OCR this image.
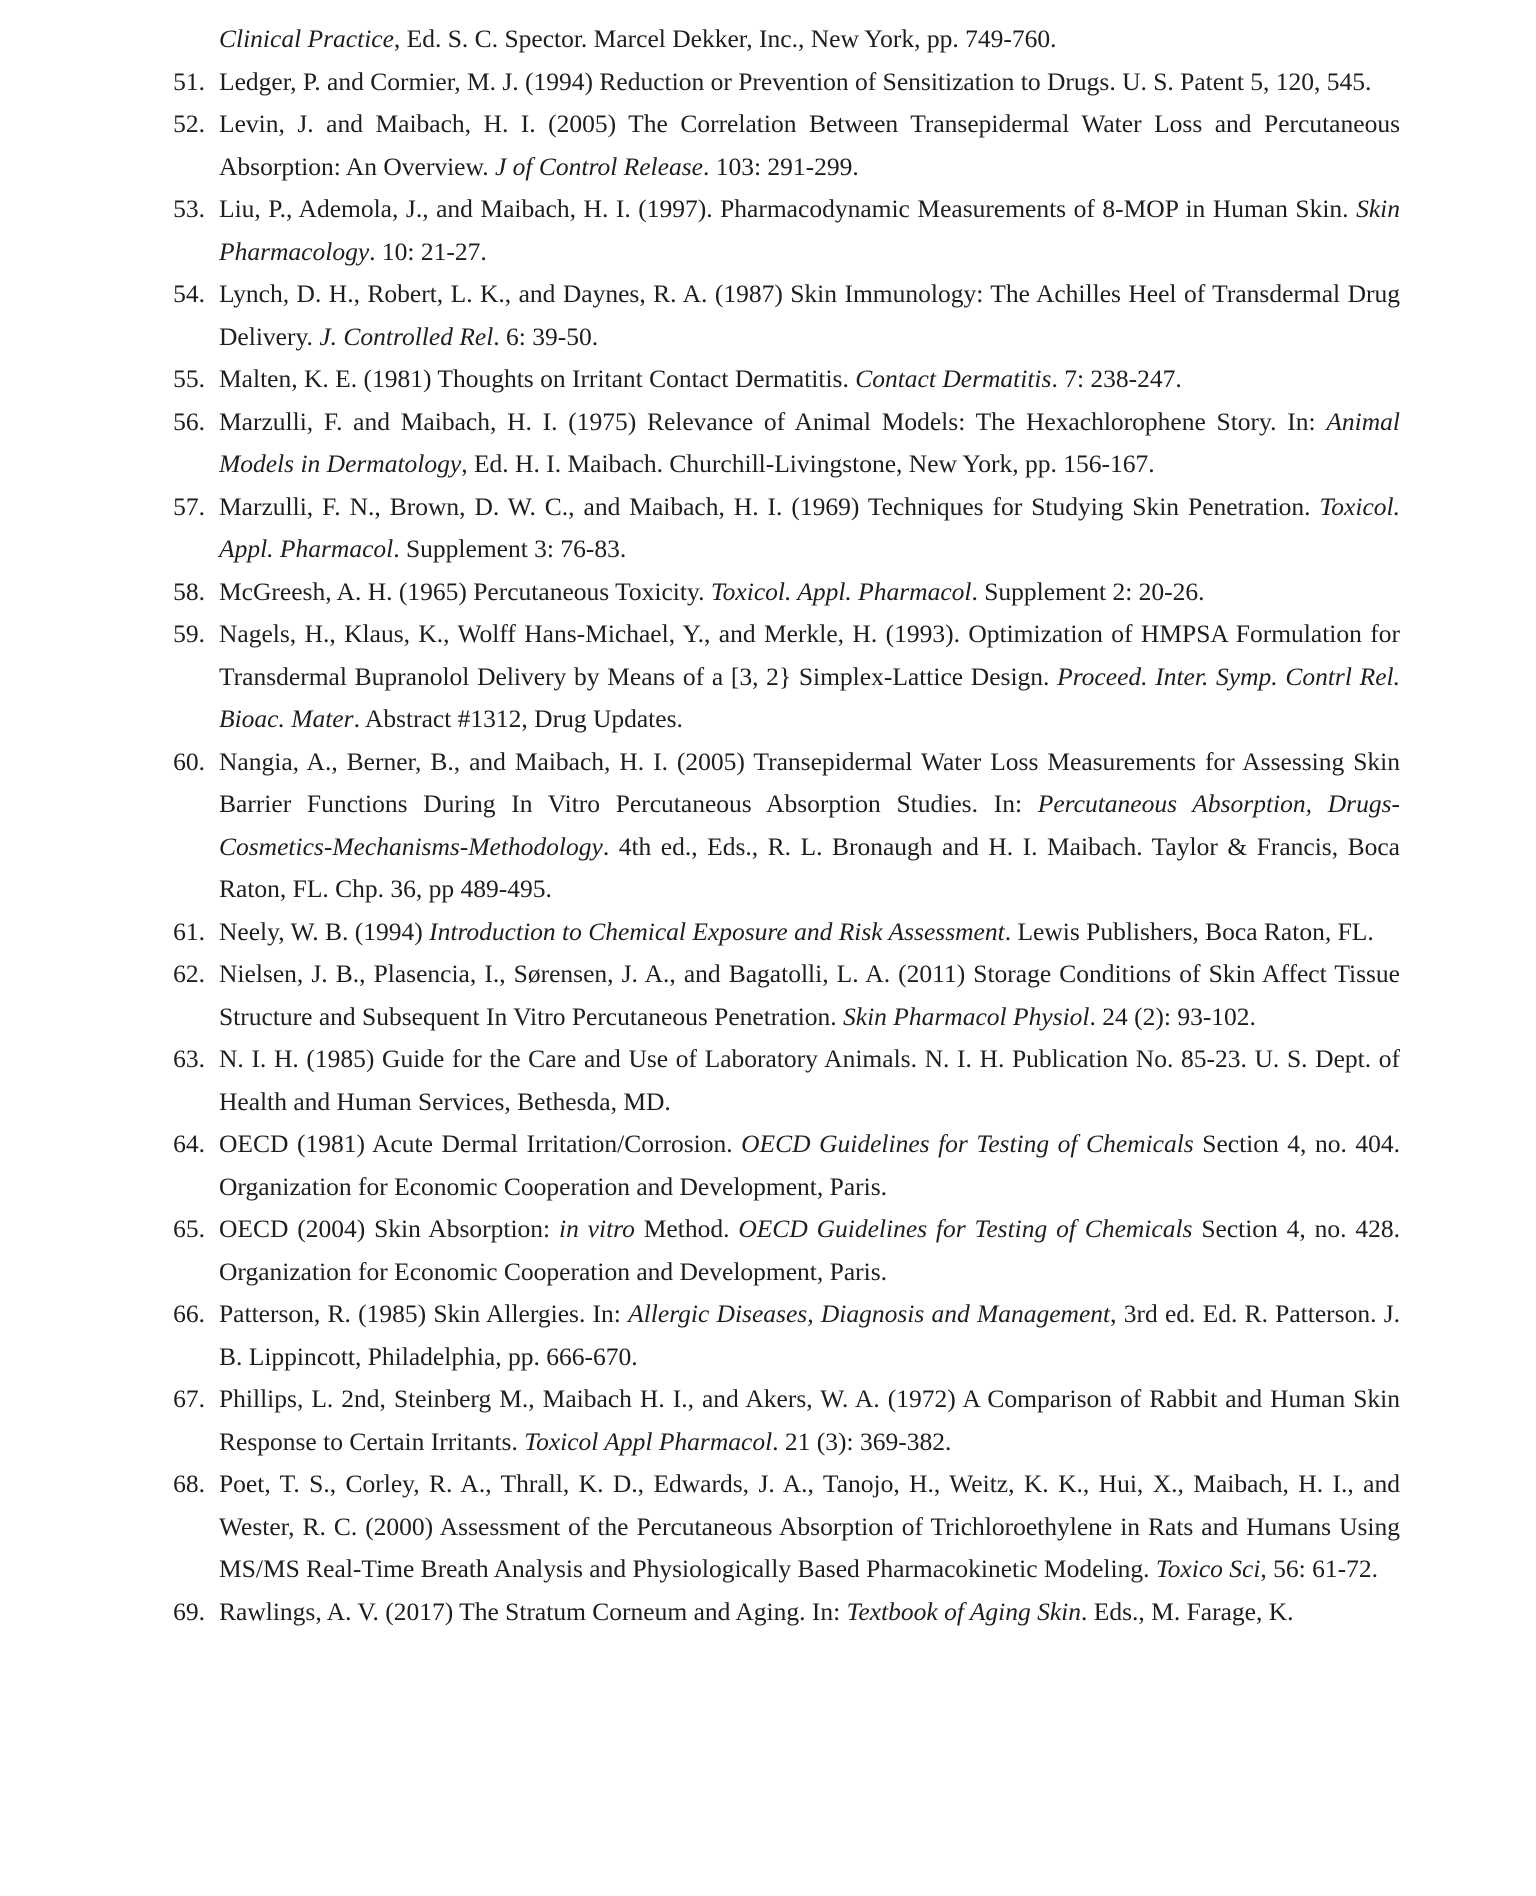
Clinical Practice, Ed. S. C. Spector. Marcel Dekker, Inc., New York, pp. 749-760.
51. Ledger, P. and Cormier, M. J. (1994) Reduction or Prevention of Sensitization to Drugs. U. S. Patent 5, 120, 545.
52. Levin, J. and Maibach, H. I. (2005) The Correlation Between Transepidermal Water Loss and Percutaneous Absorption: An Overview. J of Control Release. 103: 291-299.
53. Liu, P., Ademola, J., and Maibach, H. I. (1997). Pharmacodynamic Measurements of 8-MOP in Human Skin. Skin Pharmacology. 10: 21-27.
54. Lynch, D. H., Robert, L. K., and Daynes, R. A. (1987) Skin Immunology: The Achilles Heel of Transdermal Drug Delivery. J. Controlled Rel. 6: 39-50.
55. Malten, K. E. (1981) Thoughts on Irritant Contact Dermatitis. Contact Dermatitis. 7: 238-247.
56. Marzulli, F. and Maibach, H. I. (1975) Relevance of Animal Models: The Hexachlorophene Story. In: Animal Models in Dermatology, Ed. H. I. Maibach. Churchill-Livingstone, New York, pp. 156-167.
57. Marzulli, F. N., Brown, D. W. C., and Maibach, H. I. (1969) Techniques for Studying Skin Penetration. Toxicol. Appl. Pharmacol. Supplement 3: 76-83.
58. McGreesh, A. H. (1965) Percutaneous Toxicity. Toxicol. Appl. Pharmacol. Supplement 2: 20-26.
59. Nagels, H., Klaus, K., Wolff Hans-Michael, Y., and Merkle, H. (1993). Optimization of HMPSA Formulation for Transdermal Bupranolol Delivery by Means of a [3, 2} Simplex-Lattice Design. Proceed. Inter. Symp. Contrl Rel. Bioac. Mater. Abstract #1312, Drug Updates.
60. Nangia, A., Berner, B., and Maibach, H. I. (2005) Transepidermal Water Loss Measurements for Assessing Skin Barrier Functions During In Vitro Percutaneous Absorption Studies. In: Percutaneous Absorption, Drugs-Cosmetics-Mechanisms-Methodology. 4th ed., Eds., R. L. Bronaugh and H. I. Maibach. Taylor & Francis, Boca Raton, FL. Chp. 36, pp 489-495.
61. Neely, W. B. (1994) Introduction to Chemical Exposure and Risk Assessment. Lewis Publishers, Boca Raton, FL.
62. Nielsen, J. B., Plasencia, I., Sørensen, J. A., and Bagatolli, L. A. (2011) Storage Conditions of Skin Affect Tissue Structure and Subsequent In Vitro Percutaneous Penetration. Skin Pharmacol Physiol. 24 (2): 93-102.
63. N. I. H. (1985) Guide for the Care and Use of Laboratory Animals. N. I. H. Publication No. 85-23. U. S. Dept. of Health and Human Services, Bethesda, MD.
64. OECD (1981) Acute Dermal Irritation/Corrosion. OECD Guidelines for Testing of Chemicals Section 4, no. 404. Organization for Economic Cooperation and Development, Paris.
65. OECD (2004) Skin Absorption: in vitro Method. OECD Guidelines for Testing of Chemicals Section 4, no. 428. Organization for Economic Cooperation and Development, Paris.
66. Patterson, R. (1985) Skin Allergies. In: Allergic Diseases, Diagnosis and Management, 3rd ed. Ed. R. Patterson. J. B. Lippincott, Philadelphia, pp. 666-670.
67. Phillips, L. 2nd, Steinberg M., Maibach H. I., and Akers, W. A. (1972) A Comparison of Rabbit and Human Skin Response to Certain Irritants. Toxicol Appl Pharmacol. 21 (3): 369-382.
68. Poet, T. S., Corley, R. A., Thrall, K. D., Edwards, J. A., Tanojo, H., Weitz, K. K., Hui, X., Maibach, H. I., and Wester, R. C. (2000) Assessment of the Percutaneous Absorption of Trichloroethylene in Rats and Humans Using MS/MS Real-Time Breath Analysis and Physiologically Based Pharmacokinetic Modeling. Toxico Sci, 56: 61-72.
69. Rawlings, A. V. (2017) The Stratum Corneum and Aging. In: Textbook of Aging Skin. Eds., M. Farage, K.
